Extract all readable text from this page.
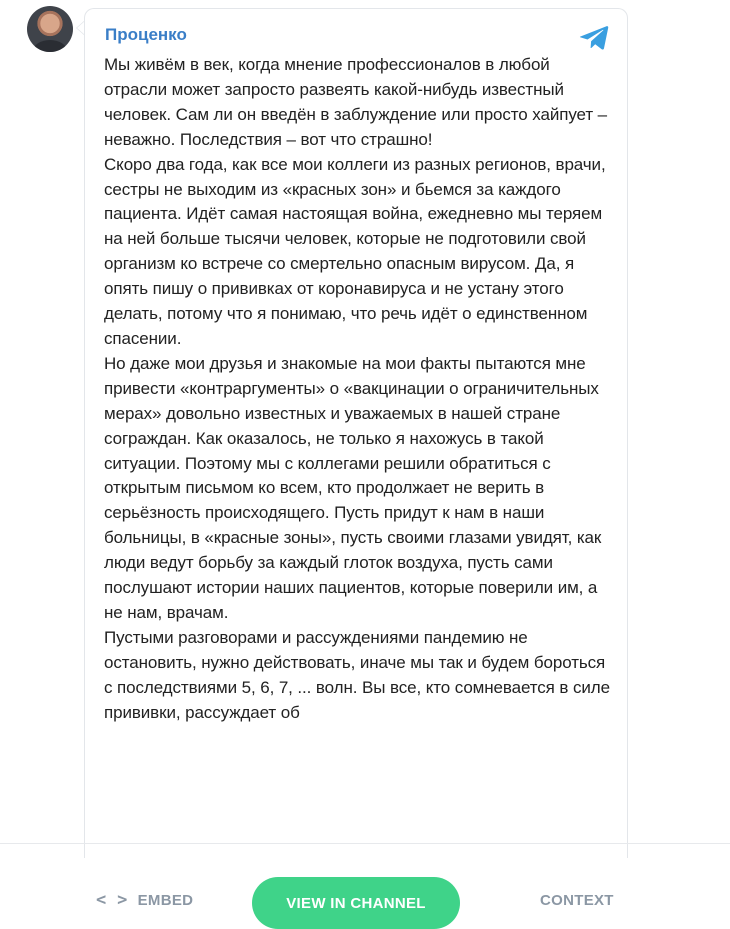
Проценко

Мы живём в век, когда мнение профессионалов в любой отрасли может запросто развеять какой-нибудь известный человек. Сам ли он введён в заблуждение или просто хайпует – неважно. Последствия – вот что страшно!

Скоро два года, как все мои коллеги из разных регионов, врачи, сестры не выходим из «красных зон» и бьемся за каждого пациента. Идёт самая настоящая война, ежедневно мы теряем на ней больше тысячи человек, которые не подготовили свой организм ко встрече со смертельно опасным вирусом. Да, я опять пишу о прививках от коронавируса и не устану этого делать, потому что я понимаю, что речь идёт о единственном спасении.

Но даже мои друзья и знакомые на мои факты пытаются мне привести «контраргументы» о «вакцинации о ограничительных мерах» довольно известных и уважаемых в нашей стране сограждан. Как оказалось, не только я нахожусь в такой ситуации. Поэтому мы с коллегами решили обратиться с открытым письмом ко всем, кто продолжает не верить в серьёзность происходящего. Пусть придут к нам в наши больницы, в «красные зоны», пусть своими глазами увидят, как люди ведут борьбу за каждый глоток воздуха, пусть сами послушают истории наших пациентов, которые поверили им, а не нам, врачам.

Пустыми разговорами и рассуждениями пандемию не остановить, нужно действовать, иначе мы так и будем бороться с последствиями 5, 6, 7, ... волн. Вы все, кто сомневается в силе прививки, рассуждает об

< > EMBED	VIEW IN CHANNEL	CONTEXT
